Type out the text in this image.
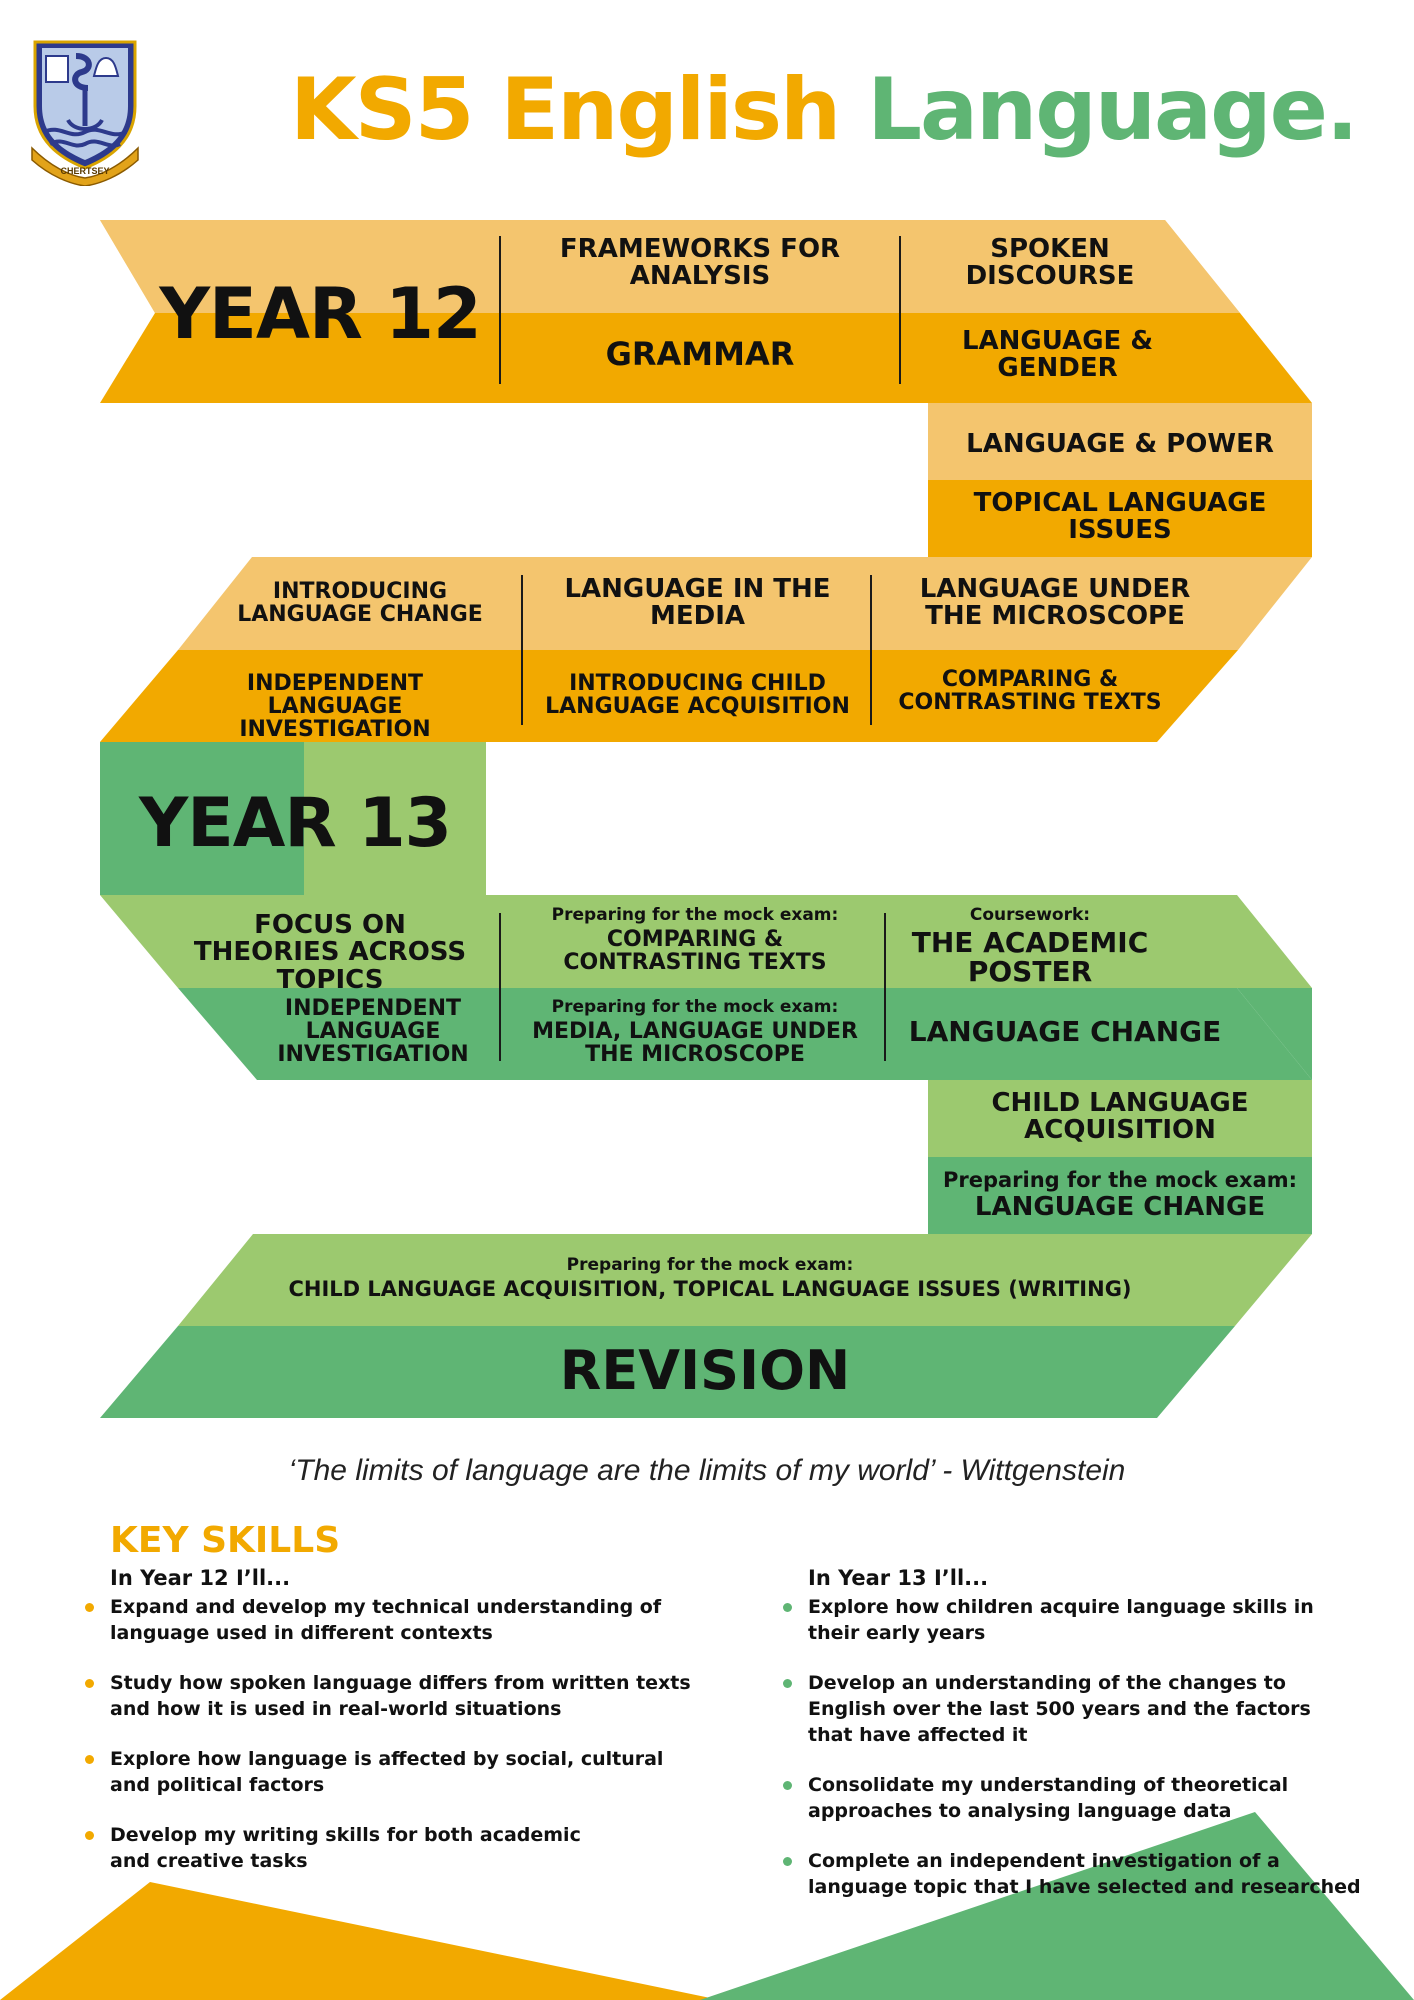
CHERTSEY
KS5 English Language.
YEAR 12
FRAMEWORKS FOR ANALYSIS
SPOKEN DISCOURSE
GRAMMAR	LANGUAGE & GENDER
LANGUAGE & POWER
TOPICAL LANGUAGE ISSUES
INTRODUCING LANGUAGE CHANGE
LANGUAGE IN THE MEDIA
LANGUAGE UNDER THE MICROSCOPE
INDEPENDENT LANGUAGE INVESTIGATION
INTRODUCING CHILD LANGUAGE ACQUISITION
COMPARING & CONTRASTING TEXTS
YEAR 13
FOCUS ON THEORIES ACROSS TOPICS
Preparing for the mock exam:
COMPARING & CONTRASTING TEXTS
Coursework:
THE ACADEMIC POSTER
INDEPENDENT LANGUAGE INVESTIGATION
Preparing for the mock exam:
MEDIA, LANGUAGE UNDER THE MICROSCOPE
LANGUAGE CHANGE
CHILD LANGUAGE ACQUISITION
Preparing for the mock exam:
LANGUAGE CHANGE
Preparing for the mock exam:
CHILD LANGUAGE ACQUISITION, TOPICAL LANGUAGE ISSUES (WRITING)
REVISION
‘The limits of language are the limits of my world’ - Wittgenstein
KEY SKILLS
In Year 12 I’ll...
Expand and develop my technical understanding of language used in different contexts
Study how spoken language differs from written texts and how it is used in real-world situations
Explore how language is affected by social, cultural and political factors
Develop my writing skills for both academic and creative tasks
In Year 13 I’ll...
Explore how children acquire language skills in their early years
Develop an understanding of the changes to English over the last 500 years and the factors that have affected it
Consolidate my understanding of theoretical approaches to analysing language data
Complete an independent investigation of a language topic that I have selected and researched
